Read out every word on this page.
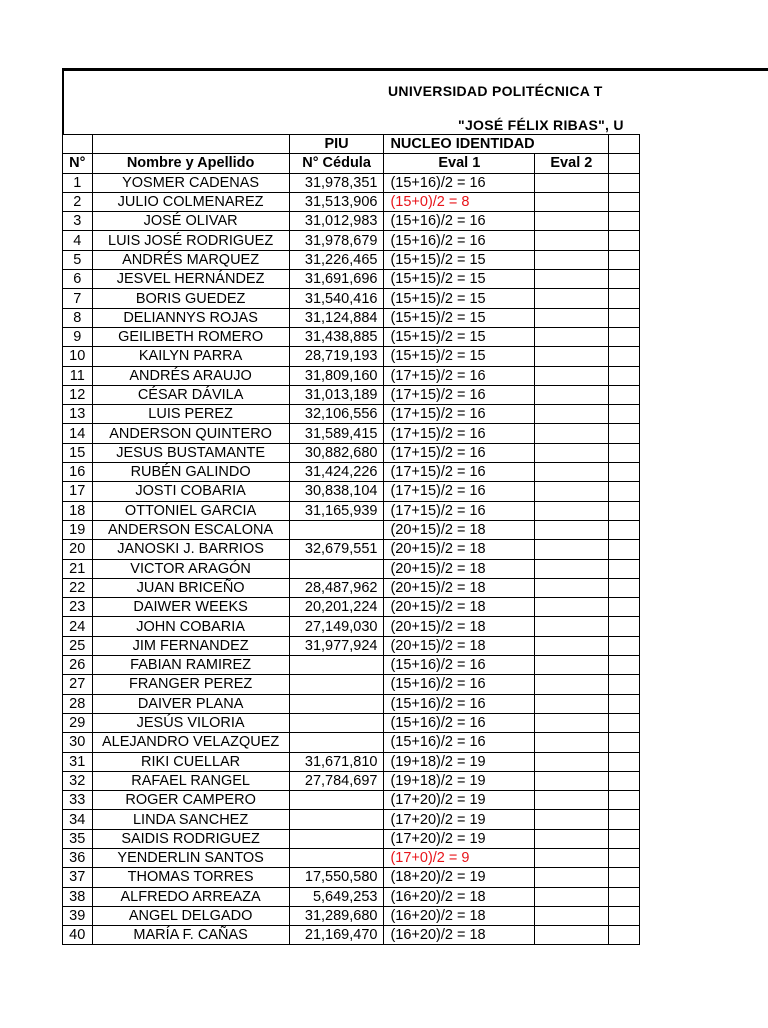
UNIVERSIDAD POLITÉCNICA T
"JOSÉ FÉLIX RIBAS", U
		PIU	NUCLEO IDENTIDAD		
N°	Nombre y Apellido	N° Cédula	Eval 1	Eval 2	
1	YOSMER CADENAS	31,978,351	(15+16)/2 = 16		
2	JULIO COLMENAREZ	31,513,906	(15+0)/2 = 8		
3	JOSÉ OLIVAR	31,012,983	(15+16)/2 = 16		
4	LUIS JOSÉ RODRIGUEZ	31,978,679	(15+16)/2 = 16		
5	ANDRÉS MARQUEZ	31,226,465	(15+15)/2 = 15		
6	JESVEL HERNÁNDEZ	31,691,696	(15+15)/2 = 15		
7	BORIS GUEDEZ	31,540,416	(15+15)/2 = 15		
8	DELIANNYS ROJAS	31,124,884	(15+15)/2 = 15		
9	GEILIBETH ROMERO	31,438,885	(15+15)/2 = 15		
10	KAILYN PARRA	28,719,193	(15+15)/2 = 15		
11	ANDRÉS ARAUJO	31,809,160	(17+15)/2 = 16		
12	CÉSAR DÁVILA	31,013,189	(17+15)/2 = 16		
13	LUIS PEREZ	32,106,556	(17+15)/2 = 16		
14	ANDERSON QUINTERO	31,589,415	(17+15)/2 = 16		
15	JESUS BUSTAMANTE	30,882,680	(17+15)/2 = 16		
16	RUBÉN GALINDO	31,424,226	(17+15)/2 = 16		
17	JOSTI COBARIA	30,838,104	(17+15)/2 = 16		
18	OTTONIEL GARCIA	31,165,939	(17+15)/2 = 16		
19	ANDERSON ESCALONA		(20+15)/2 = 18		
20	JANOSKI J. BARRIOS	32,679,551	(20+15)/2 = 18		
21	VICTOR ARAGÓN		(20+15)/2 = 18		
22	JUAN BRICEÑO	28,487,962	(20+15)/2 = 18		
23	DAIWER WEEKS	20,201,224	(20+15)/2 = 18		
24	JOHN COBARIA	27,149,030	(20+15)/2 = 18		
25	JIM FERNANDEZ	31,977,924	(20+15)/2 = 18		
26	FABIAN RAMIREZ		(15+16)/2 = 16		
27	FRANGER PEREZ		(15+16)/2 = 16		
28	DAIVER PLANA		(15+16)/2 = 16		
29	JESÚS VILORIA		(15+16)/2 = 16		
30	ALEJANDRO VELAZQUEZ		(15+16)/2 = 16		
31	RIKI CUELLAR	31,671,810	(19+18)/2 = 19		
32	RAFAEL RANGEL	27,784,697	(19+18)/2 = 19		
33	ROGER CAMPERO		(17+20)/2 = 19		
34	LINDA SANCHEZ		(17+20)/2 = 19		
35	SAIDIS RODRIGUEZ		(17+20)/2 = 19		
36	YENDERLIN SANTOS		(17+0)/2 = 9		
37	THOMAS TORRES	17,550,580	(18+20)/2 = 19		
38	ALFREDO ARREAZA	5,649,253	(16+20)/2 = 18		
39	ANGEL DELGADO	31,289,680	(16+20)/2 = 18		
40	MARÍA F. CAÑAS	21,169,470	(16+20)/2 = 18		
